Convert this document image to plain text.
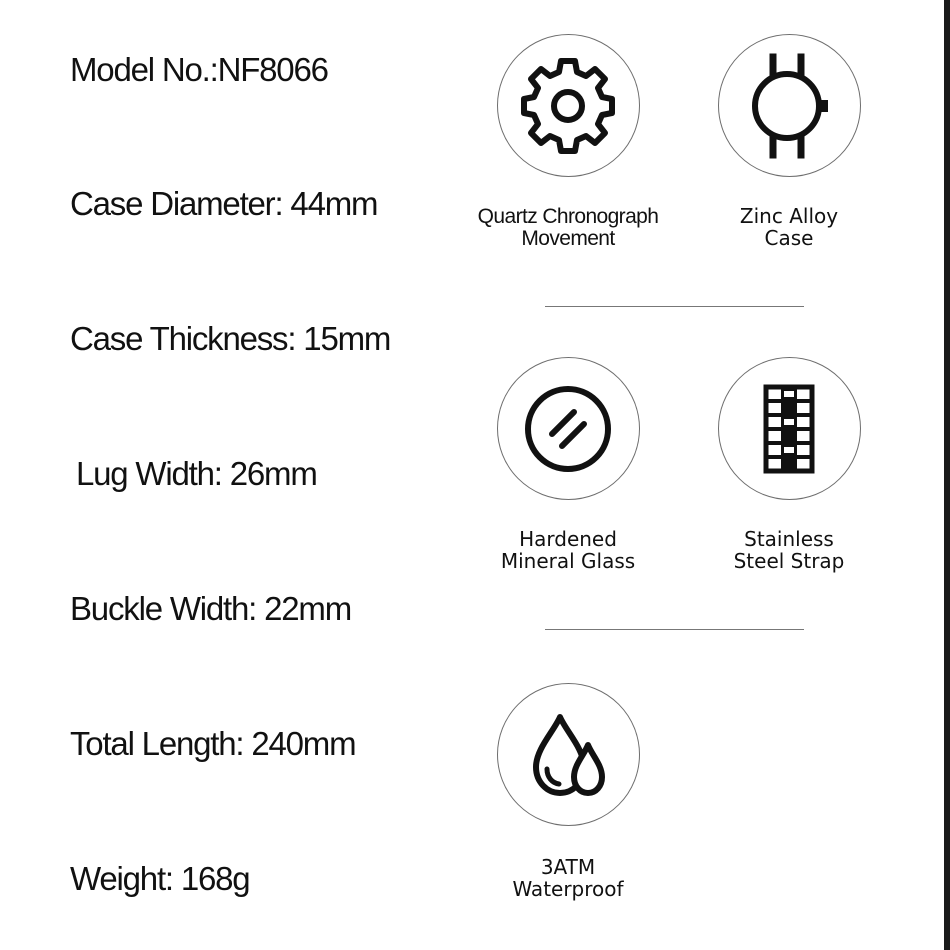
Model No.:NF8066
Case Diameter: 44mm
Case Thickness: 15mm
Lug Width: 26mm
Buckle Width: 22mm
Total Length: 240mm
Weight: 168g
Quartz Chronograph
Movement
Zinc Alloy
Case
Hardened
Mineral Glass
Stainless
Steel Strap
3ATM
Waterproof
